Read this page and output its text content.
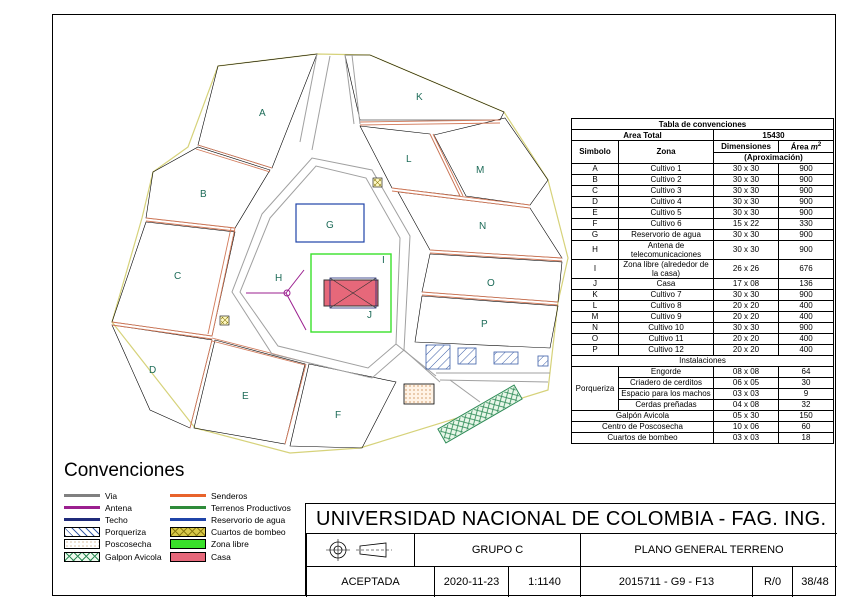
A
B
C
D
E
F
G
H
I
J
K
L
M
N
O
P
Tabla de convenciones			
Area Total		15430	
Simbolo	Zona	Dimensiones	Área $m^2$
		(Aproximación)	
A	Cultivo 1	30 x 30	900
B	Cultivo 2	30 x 30	900
C	Cultivo 3	30 x 30	900
D	Cultivo 4	30 x 30	900
E	Cultivo 5	30 x 30	900
F	Cultivo 6	15 x 22	330
G	Reservorio de agua	30 x 30	900
H	Antena de telecomunicaciones	30 x 30	900
I	Zona libre (alrededor de la casa)	26 x 26	676
J	Casa	17 x 08	136
K	Cultivo 7	30 x 30	900
L	Cultivo 8	20 x 20	400
M	Cultivo 9	20 x 20	400
N	Cultivo 10	30 x 30	900
O	Cultivo 11	20 x 20	400
P	Cultivo 12	20 x 20	400
Instalaciones			
Porqueriza	Engorde	08 x 08	64
	Criadero de cerditos	06 x 05	30
	Espacio para los machos	03 x 03	9
	Cerdas preñadas	04 x 08	32
Galpón Avicola		05 x 30	150
Centro de Poscosecha		10 x 06	60
Cuartos de bombeo		03 x 03	18
Convenciones
Via
Antena
Techo
Porqueriza
Poscosecha
Galpon Avicola
Senderos
Terrenos Productivos
Reservorio de agua
Cuartos de bombeo
Zona libre
Casa
UNIVERSIDAD NACIONAL DE COLOMBIA - FAG. ING.
GRUPO C	PLANO GENERAL TERRENO
ACEPTADA	2020-11-23	1:1140	2015711 - G9 - F13	R/0	38/48
